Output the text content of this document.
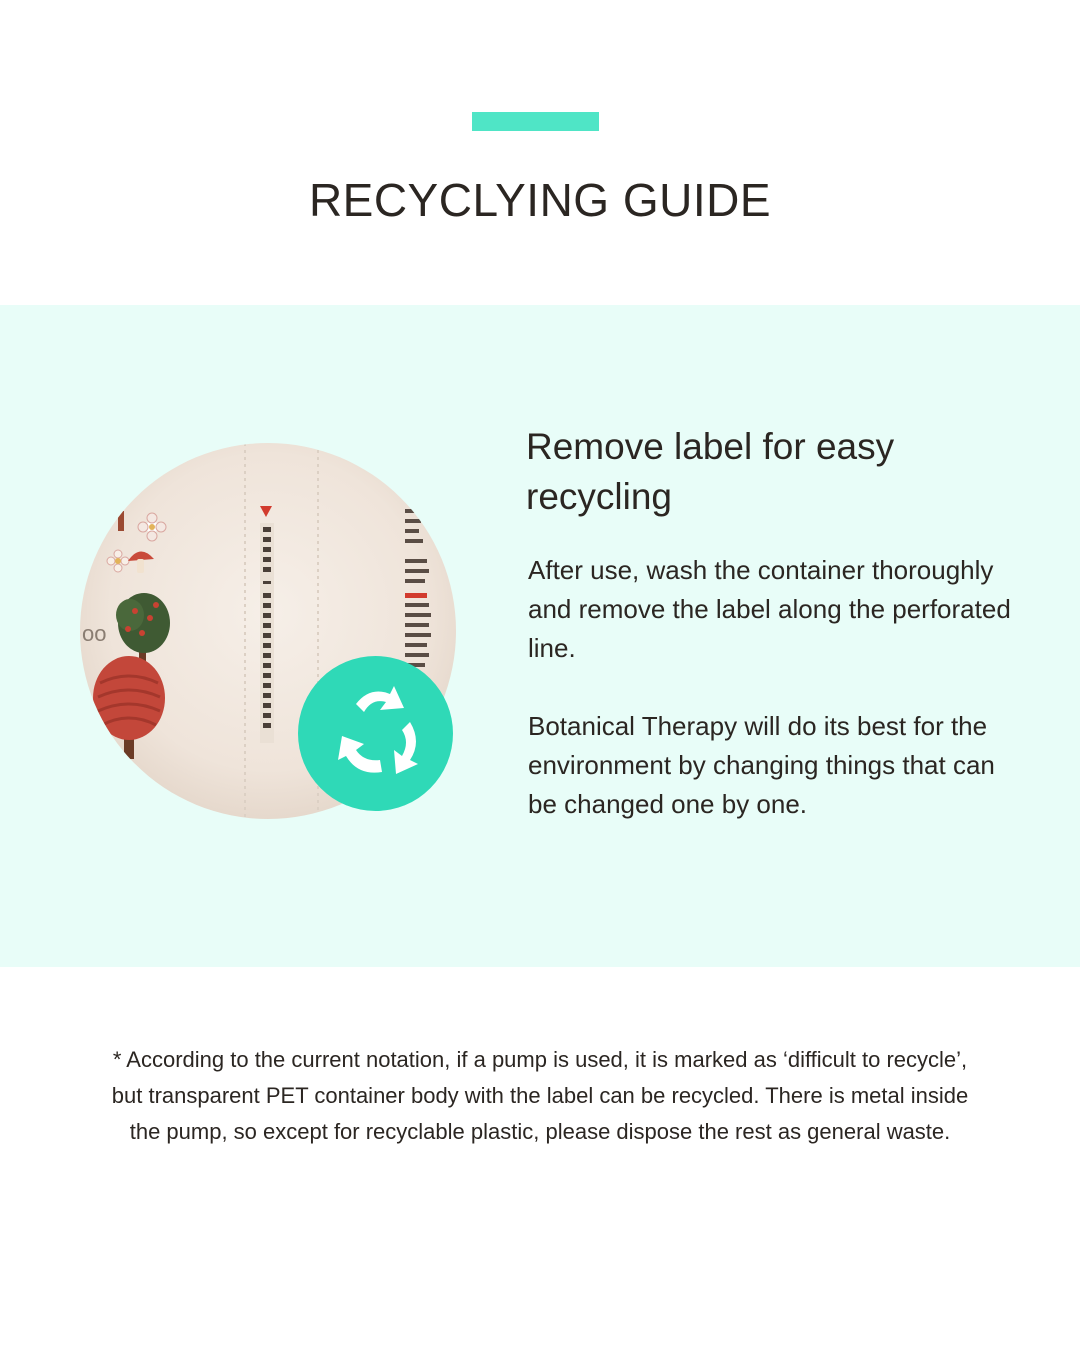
RECYCLYING GUIDE
oo
Remove label for easy recycling

After use, wash the container thoroughly and remove the label along the perforated line.

Botanical Therapy will do its best for the environment by changing things that can be changed one by one.

* According to the current notation, if a pump is used, it is marked as ‘difficult to recycle’, but transparent PET container body with the label can be recycled. There is metal inside the pump, so except for recyclable plastic, please dispose the rest as general waste.
